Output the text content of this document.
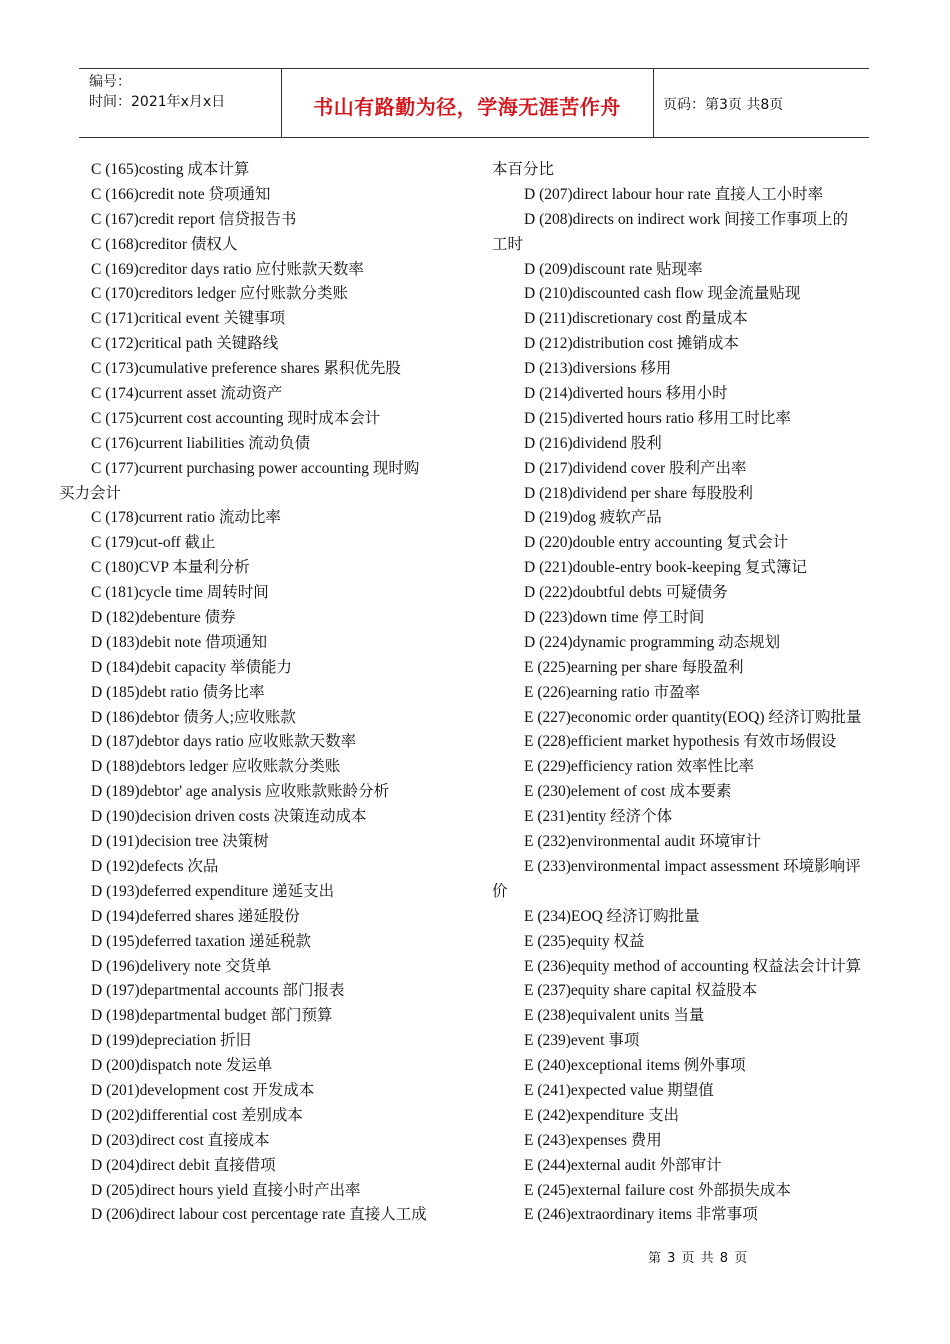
编号：
时间：2021年x月x日	书山有路勤为径，学海无涯苦作舟	页码：第3页 共8页
C (165)costing 成本计算
C (166)credit note 贷项通知
C (167)credit report 信贷报告书
C (168)creditor 债权人
C (169)creditor days ratio 应付账款天数率
C (170)creditors ledger 应付账款分类账
C (171)critical event 关键事项
C (172)critical path 关键路线
C (173)cumulative preference shares 累积优先股
C (174)current asset 流动资产
C (175)current cost accounting 现时成本会计
C (176)current liabilities 流动负债
C (177)current purchasing power accounting 现时购
买力会计
C (178)current ratio 流动比率
C (179)cut-off 截止
C (180)CVP 本量利分析
C (181)cycle time 周转时间
D (182)debenture 债券
D (183)debit note 借项通知
D (184)debit capacity 举债能力
D (185)debt ratio 债务比率
D (186)debtor 债务人;应收账款
D (187)debtor days ratio 应收账款天数率
D (188)debtors ledger 应收账款分类账
D (189)debtor' age analysis 应收账款账龄分析
D (190)decision driven costs 决策连动成本
D (191)decision tree 决策树
D (192)defects 次品
D (193)deferred expenditure 递延支出
D (194)deferred shares 递延股份
D (195)deferred taxation 递延税款
D (196)delivery note 交货单
D (197)departmental accounts 部门报表
D (198)departmental budget 部门预算
D (199)depreciation 折旧
D (200)dispatch note 发运单
D (201)development cost 开发成本
D (202)differential cost 差别成本
D (203)direct cost 直接成本
D (204)direct debit 直接借项
D (205)direct hours yield 直接小时产出率
D (206)direct labour cost percentage rate 直接人工成
本百分比
D (207)direct labour hour rate 直接人工小时率
D (208)directs on indirect work 间接工作事项上的
工时
D (209)discount rate 贴现率
D (210)discounted cash flow 现金流量贴现
D (211)discretionary cost 酌量成本
D (212)distribution cost 摊销成本
D (213)diversions 移用
D (214)diverted hours 移用小时
D (215)diverted hours ratio 移用工时比率
D (216)dividend 股利
D (217)dividend cover 股利产出率
D (218)dividend per share 每股股利
D (219)dog 疲软产品
D (220)double entry accounting 复式会计
D (221)double-entry book-keeping 复式簿记
D (222)doubtful debts 可疑债务
D (223)down time 停工时间
D (224)dynamic programming 动态规划
E (225)earning per share 每股盈利
E (226)earning ratio 市盈率
E (227)economic order quantity(EOQ) 经济订购批量
E (228)efficient market hypothesis 有效市场假设
E (229)efficiency ration 效率性比率
E (230)element of cost 成本要素
E (231)entity 经济个体
E (232)environmental audit 环境审计
E (233)environmental impact assessment 环境影响评
价
E (234)EOQ 经济订购批量
E (235)equity 权益
E (236)equity method of accounting 权益法会计计算
E (237)equity share capital 权益股本
E (238)equivalent units 当量
E (239)event 事项
E (240)exceptional items 例外事项
E (241)expected value 期望值
E (242)expenditure 支出
E (243)expenses 费用
E (244)external audit 外部审计
E (245)external failure cost 外部损失成本
E (246)extraordinary items 非常事项
第 3 页 共 8 页
